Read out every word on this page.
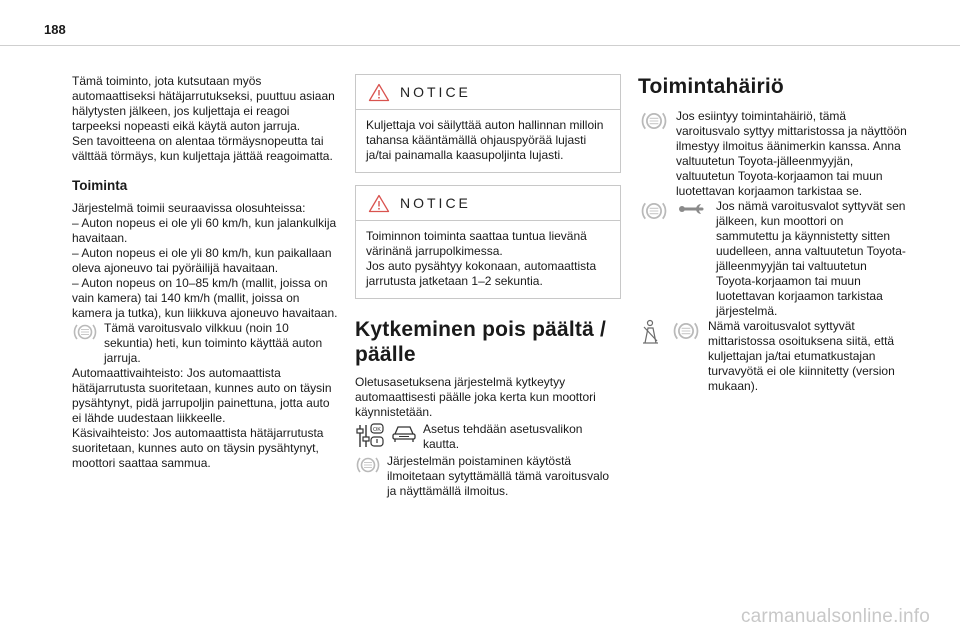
188

Tämä toiminto, jota kutsutaan myös automaattiseksi hätäjarrutukseksi, puuttuu asiaan hälytysten jälkeen, jos kuljettaja ei reagoi tarpeeksi nopeasti eikä käytä auton jarruja.

Sen tavoitteena on alentaa törmäysnopeutta tai välttää törmäys, kun kuljettaja jättää reagoimatta.

Toiminta

Järjestelmä toimii seuraavissa olosuhteissa:

– Auton nopeus ei ole yli 60 km/h, kun jalankulkija havaitaan.

– Auton nopeus ei ole yli 80 km/h, kun paikallaan oleva ajoneuvo tai pyöräilijä havaitaan.

– Auton nopeus on 10–85 km/h (mallit, joissa on vain kamera) tai 140 km/h (mallit, joissa on kamera ja tutka), kun liikkuva ajoneuvo havaitaan.

Tämä varoitusvalo vilkkuu (noin 10 sekuntia) heti, kun toiminto käyttää auton jarruja.

Automaattivaihteisto: Jos automaattista hätäjarrutusta suoritetaan, kunnes auto on täysin pysähtynyt, pidä jarrupoljin painettuna, jotta auto ei lähde uudestaan liikkeelle.

Käsivaihteisto: Jos automaattista hätäjarrutusta suoritetaan, kunnes auto on täysin pysähtynyt, moottori saattaa sammua.

NOTICE

Kuljettaja voi säilyttää auton hallinnan milloin tahansa kääntämällä ohjauspyörää lujasti ja/tai painamalla kaasupoljinta lujasti.

NOTICE

Toiminnon toiminta saattaa tuntua lievänä värinänä jarrupolkimessa.

Jos auto pysähtyy kokonaan, automaattista jarrutusta jatketaan 1–2 sekuntia.

Kytkeminen pois päältä / päälle

Oletusasetuksena järjestelmä kytkeytyy automaattisesti päälle joka kerta kun moottori käynnistetään.

OK	Asetus tehdään asetusvalikon kautta.

Järjestelmän poistaminen käytöstä ilmoitetaan sytyttämällä tämä varoitusvalo ja näyttämällä ilmoitus.

Toimintahäiriö

Jos esiintyy toimintahäiriö, tämä varoitusvalo syttyy mittaristossa ja näyttöön ilmestyy ilmoitus äänimerkin kanssa. Anna valtuutetun Toyota-jälleenmyyjän, valtuutetun Toyota-korjaamon tai muun luotettavan korjaamon tarkistaa se.

Jos nämä varoitusvalot syttyvät sen jälkeen, kun moottori on sammutettu ja käynnistetty sitten uudelleen, anna valtuutetun Toyota-jälleenmyyjän tai valtuutetun Toyota-korjaamon tai muun luotettavan korjaamon tarkistaa järjestelmä.

Nämä varoitusvalot syttyvät mittaristossa osoituksena siitä, että kuljettajan ja/tai etumatkustajan turvavyötä ei ole kiinnitetty (version mukaan).

carmanualsonline.info
